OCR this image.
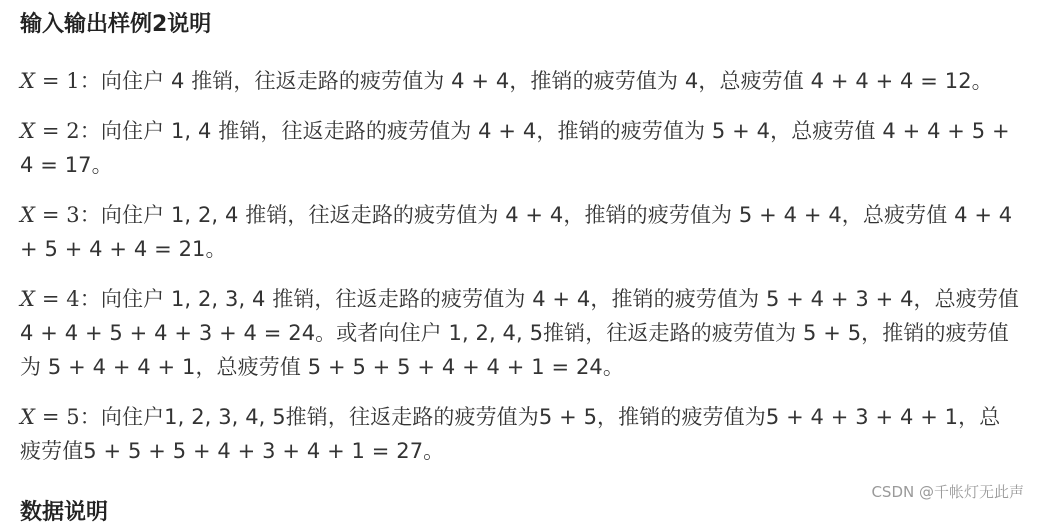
输入输出样例2说明

X = 1：向住户 4 推销，往返走路的疲劳值为 4 + 4，推销的疲劳值为 4，总疲劳值 4 + 4 + 4 = 12。

X = 2：向住户 1, 4 推销，往返走路的疲劳值为 4 + 4，推销的疲劳值为 5 + 4，总疲劳值 4 + 4 + 5 + 4 = 17。

X = 3：向住户 1, 2, 4 推销，往返走路的疲劳值为 4 + 4，推销的疲劳值为 5 + 4 + 4，总疲劳值 4 + 4 + 5 + 4 + 4 = 21。

X = 4：向住户 1, 2, 3, 4 推销，往返走路的疲劳值为 4 + 4，推销的疲劳值为 5 + 4 + 3 + 4，总疲劳值 4 + 4 + 5 + 4 + 3 + 4 = 24。或者向住户 1, 2, 4, 5推销，往返走路的疲劳值为 5 + 5，推销的疲劳值为 5 + 4 + 4 + 1，总疲劳值 5 + 5 + 5 + 4 + 4 + 1 = 24。

X = 5：向住户1, 2, 3, 4, 5推销，往返走路的疲劳值为5 + 5，推销的疲劳值为5 + 4 + 3 + 4 + 1，总疲劳值5 + 5 + 5 + 4 + 3 + 4 + 1 = 27。

数据说明
CSDN @千帐灯无此声
